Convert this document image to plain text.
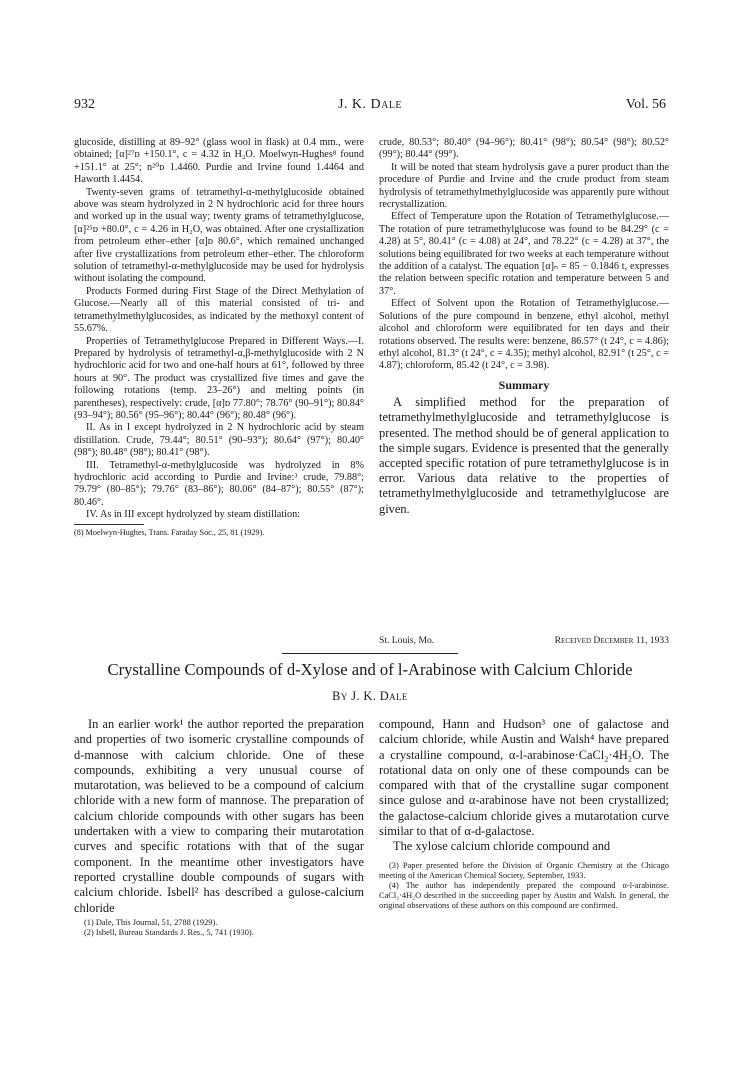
932	J. K. Dale	Vol. 56

glucoside, distilling at 89–92° (glass wool in flask) at 0.4 mm., were obtained; [α]²⁷ᴅ +150.1°, c = 4.32 in H₂O. Moelwyn-Hughes⁸ found +151.1° at 25°; n²⁰ᴅ 1.4460. Purdie and Irvine found 1.4464 and Haworth 1.4454.

Twenty-seven grams of tetramethyl-α-methylglucoside obtained above was steam hydrolyzed in 2 N hydrochloric acid for three hours and worked up in the usual way; twenty grams of tetramethylglucose, [α]²⁵ᴅ +80.0°, c = 4.26 in H₂O, was obtained. After one crystallization from petroleum ether–ether [α]ᴅ 80.6°, which remained unchanged after five crystallizations from petroleum ether–ether. The chloroform solution of tetramethyl-α-methylglucoside may be used for hydrolysis without isolating the compound.

Products Formed during First Stage of the Direct Methylation of Glucose.—Nearly all of this material consisted of tri- and tetramethylmethylglucosides, as indicated by the methoxyl content of 55.67%.

Properties of Tetramethylglucose Prepared in Different Ways.—I. Prepared by hydrolysis of tetramethyl-α,β-methylglucoside with 2 N hydrochloric acid for two and one-half hours at 61°, followed by three hours at 90°. The product was crystallized five times and gave the following rotations (temp. 23–26°) and melting points (in parentheses), respectively: crude, [α]ᴅ 77.80°; 78.76° (90–91°); 80.84° (93–94°); 80.56° (95–96°); 80.44° (96°); 80.48° (96°).

II. As in I except hydrolyzed in 2 N hydrochloric acid by steam distillation. Crude, 79.44°; 80.51° (90–93°); 80.64° (97°); 80.40° (98°); 80.48° (98°); 80.41° (98°).

III. Tetramethyl-α-methylglucoside was hydrolyzed in 8% hydrochloric acid according to Purdie and Irvine:³ crude, 79.88°; 79.79° (80–85°); 79.76° (83–86°); 80.06° (84–87°); 80.55° (87°); 80.46°.

IV. As in III except hydrolyzed by steam distillation:

(8) Moelwyn-Hughes, Trans. Faraday Soc., 25, 81 (1929).

crude, 80.53°; 80.40° (94–96°); 80.41° (98°); 80.54° (98°); 80.52° (99°); 80.44° (99°).

It will be noted that steam hydrolysis gave a purer product than the procedure of Purdie and Irvine and the crude product from steam hydrolysis of tetramethylmethylglucoside was apparently pure without recrystallization.

Effect of Temperature upon the Rotation of Tetramethylglucose.—The rotation of pure tetramethylglucose was found to be 84.29° (c = 4.28) at 5°, 80.41° (c = 4.08) at 24°, and 78.22° (c = 4.28) at 37°, the solutions being equilibrated for two weeks at each temperature without the addition of a catalyst. The equation [α]ₙ = 85 − 0.1846 t, expresses the relation between specific rotation and temperature between 5 and 37°.

Effect of Solvent upon the Rotation of Tetramethylglucose.—Solutions of the pure compound in benzene, ethyl alcohol, methyl alcohol and chloroform were equilibrated for ten days and their rotations observed. The results were: benzene, 86.57° (t 24°, c = 4.86); ethyl alcohol, 81.3° (t 24°, c = 4.35); methyl alcohol, 82.91° (t 25°, c = 4.87); chloroform, 85.42 (t 24°, c = 3.98).

Summary

A simplified method for the preparation of tetramethylmethylglucoside and tetramethylglucose is presented. The method should be of general application to the simple sugars. Evidence is presented that the generally accepted specific rotation of pure tetramethylglucose is in error. Various data relative to the properties of tetramethylmethylglucoside and tetramethylglucose are given.

St. Louis, Mo.	Received December 11, 1933
Crystalline Compounds of d-Xylose and of l-Arabinose with Calcium Chloride
By J. K. Dale

In an earlier work¹ the author reported the preparation and properties of two isomeric crystalline compounds of d-mannose with calcium chloride. One of these compounds, exhibiting a very unusual course of mutarotation, was believed to be a compound of calcium chloride with a new form of mannose. The preparation of calcium chloride compounds with other sugars has been undertaken with a view to comparing their mutarotation curves and specific rotations with that of the sugar component. In the meantime other investigators have reported crystalline double compounds of sugars with calcium chloride. Isbell² has described a gulose-calcium chloride

(1) Dale, This Journal, 51, 2788 (1929).

(2) Isbell, Bureau Standards J. Res., 5, 741 (1930).

compound, Hann and Hudson³ one of galactose and calcium chloride, while Austin and Walsh⁴ have prepared a crystalline compound, α-l-arabinose·CaCl₂·4H₂O. The rotational data on only one of these compounds can be compared with that of the crystalline sugar component since gulose and α-arabinose have not been crystallized; the galactose-calcium chloride gives a mutarotation curve similar to that of α-d-galactose.

The xylose calcium chloride compound and

(3) Paper presented before the Division of Organic Chemistry at the Chicago meeting of the American Chemical Society, September, 1933.

(4) The author has independently prepared the compound α-l-arabinose. CaCl₂·4H₂O described in the succeeding paper by Austin and Walsh. In general, the original observations of these authors on this compound are confirmed.
